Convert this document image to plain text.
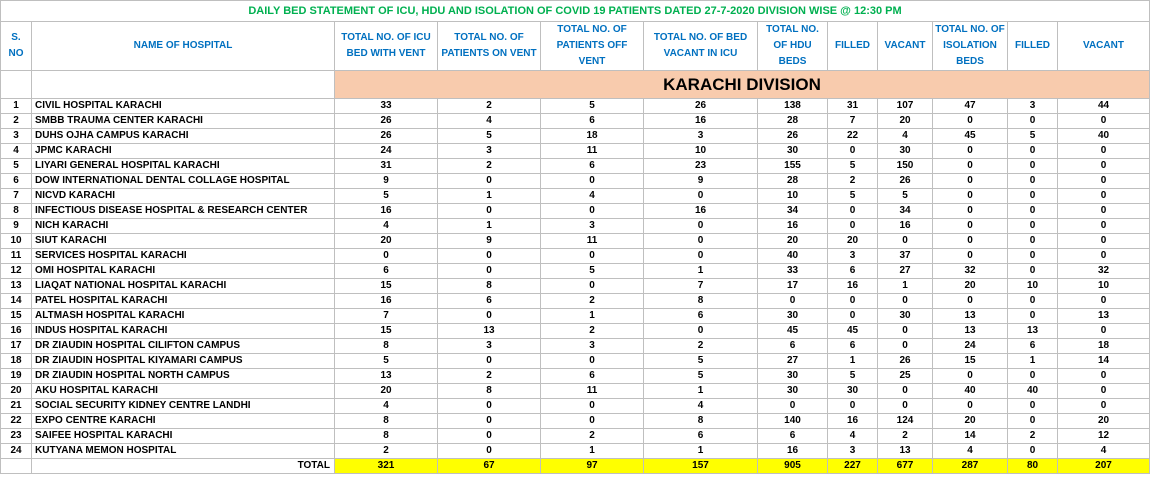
DAILY BED STATEMENT OF ICU, HDU AND ISOLATION OF COVID 19 PATIENTS DATED 27-7-2020 DIVISION WISE @ 12:30 PM											
S. NO	NAME OF HOSPITAL	TOTAL NO. OF ICU BED WITH VENT	TOTAL NO. OF PATIENTS ON VENT	TOTAL NO. OF PATIENTS OFF VENT	TOTAL NO. OF BED VACANT IN ICU	TOTAL NO. OF HDU BEDS	FILLED	VACANT	TOTAL NO. OF ISOLATION BEDS	FILLED	VACANT
		KARACHI DIVISION									
1	CIVIL HOSPITAL KARACHI	33	2	5	26	138	31	107	47	3	44
2	SMBB TRAUMA CENTER KARACHI	26	4	6	16	28	7	20	0	0	0
3	DUHS OJHA CAMPUS KARACHI	26	5	18	3	26	22	4	45	5	40
4	JPMC KARACHI	24	3	11	10	30	0	30	0	0	0
5	LIYARI GENERAL HOSPITAL KARACHI	31	2	6	23	155	5	150	0	0	0
6	DOW INTERNATIONAL DENTAL COLLAGE HOSPITAL	9	0	0	9	28	2	26	0	0	0
7	NICVD KARACHI	5	1	4	0	10	5	5	0	0	0
8	INFECTIOUS DISEASE HOSPITAL & RESEARCH CENTER	16	0	0	16	34	0	34	0	0	0
9	NICH KARACHI	4	1	3	0	16	0	16	0	0	0
10	SIUT KARACHI	20	9	11	0	20	20	0	0	0	0
11	SERVICES HOSPITAL KARACHI	0	0	0	0	40	3	37	0	0	0
12	OMI HOSPITAL KARACHI	6	0	5	1	33	6	27	32	0	32
13	LIAQAT NATIONAL HOSPITAL KARACHI	15	8	0	7	17	16	1	20	10	10
14	PATEL HOSPITAL KARACHI	16	6	2	8	0	0	0	0	0	0
15	ALTMASH HOSPITAL KARACHI	7	0	1	6	30	0	30	13	0	13
16	INDUS HOSPITAL KARACHI	15	13	2	0	45	45	0	13	13	0
17	DR ZIAUDIN HOSPITAL CILIFTON CAMPUS	8	3	3	2	6	6	0	24	6	18
18	DR ZIAUDIN HOSPITAL KIYAMARI CAMPUS	5	0	0	5	27	1	26	15	1	14
19	DR ZIAUDIN HOSPITAL NORTH CAMPUS	13	2	6	5	30	5	25	0	0	0
20	AKU HOSPITAL KARACHI	20	8	11	1	30	30	0	40	40	0
21	SOCIAL SECURITY KIDNEY CENTRE LANDHI	4	0	0	4	0	0	0	0	0	0
22	EXPO CENTRE KARACHI	8	0	0	8	140	16	124	20	0	20
23	SAIFEE HOSPITAL KARACHI	8	0	2	6	6	4	2	14	2	12
24	KUTYANA MEMON HOSPITAL	2	0	1	1	16	3	13	4	0	4
	TOTAL	321	67	97	157	905	227	677	287	80	207
